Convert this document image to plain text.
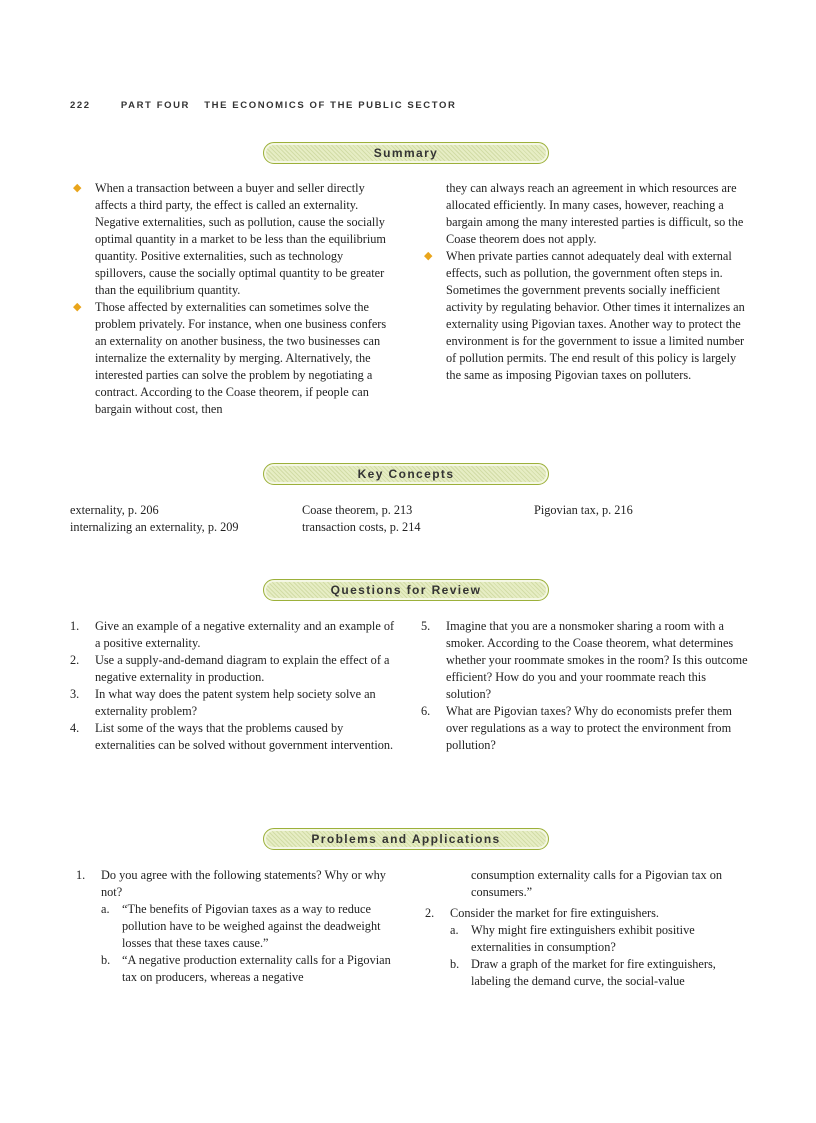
222	PART FOUR THE ECONOMICS OF THE PUBLIC SECTOR
Summary

◆ When a transaction between a buyer and seller directly affects a third party, the effect is called an externality. Negative externalities, such as pollution, cause the socially optimal quantity in a market to be less than the equilibrium quantity. Positive externalities, such as technology spillovers, cause the socially optimal quantity to be greater than the equilibrium quantity.

◆ Those affected by externalities can sometimes solve the problem privately. For instance, when one business confers an externality on another business, the two businesses can internalize the externality by merging. Alternatively, the interested parties can solve the problem by negotiating a contract. According to the Coase theorem, if people can bargain without cost, then

they can always reach an agreement in which resources are allocated efficiently. In many cases, however, reaching a bargain among the many interested parties is difficult, so the Coase theorem does not apply.

◆ When private parties cannot adequately deal with external effects, such as pollution, the government often steps in. Sometimes the government prevents socially inefficient activity by regulating behavior. Other times it internalizes an externality using Pigovian taxes. Another way to protect the environment is for the government to issue a limited number of pollution permits. The end result of this policy is largely the same as imposing Pigovian taxes on polluters.

Key Concepts
externality, p. 206
internalizing an externality, p. 209
Coase theorem, p. 213
transaction costs, p. 214
Pigovian tax, p. 216
Questions for Review

1. Give an example of a negative externality and an example of a positive externality.

2. Use a supply-and-demand diagram to explain the effect of a negative externality in production.

3. In what way does the patent system help society solve an externality problem?

4. List some of the ways that the problems caused by externalities can be solved without government intervention.

5. Imagine that you are a nonsmoker sharing a room with a smoker. According to the Coase theorem, what determines whether your roommate smokes in the room? Is this outcome efficient? How do you and your roommate reach this solution?

6. What are Pigovian taxes? Why do economists prefer them over regulations as a way to protect the environment from pollution?

Problems and Applications

1. Do you agree with the following statements? Why or why not?

a. “The benefits of Pigovian taxes as a way to reduce pollution have to be weighed against the deadweight losses that these taxes cause.”

b. “A negative production externality calls for a Pigovian tax on producers, whereas a negative

consumption externality calls for a Pigovian tax on consumers.”

2. Consider the market for fire extinguishers.

a. Why might fire extinguishers exhibit positive externalities in consumption?

b. Draw a graph of the market for fire extinguishers, labeling the demand curve, the social-value
